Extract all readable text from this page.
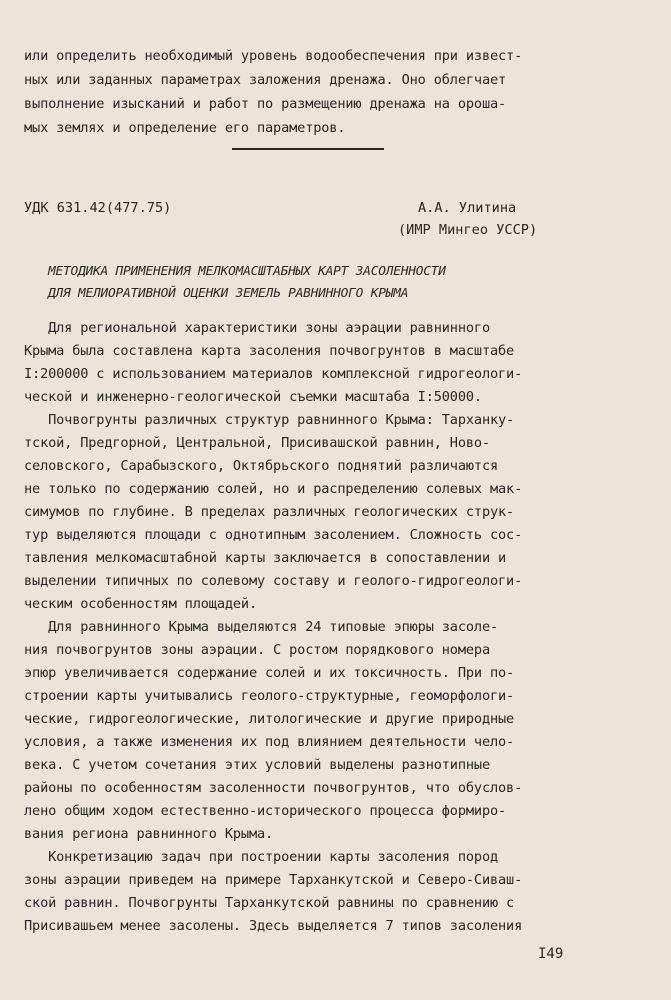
или определить необходимый уровень водообеспечения при извест-
ных или заданных параметрах заложения дренажа. Оно облегчает
выполнение изысканий и работ по размещению дренажа на ороша-
мых землях и определение его параметров.
УДК 631.42(477.75)	А.А. Улитина
(ИМР Мингео УССР)
МЕТОДИКА ПРИМЕНЕНИЯ МЕЛКОМАСШТАБНЫХ КАРТ ЗАСОЛЕННОСТИ
ДЛЯ МЕЛИОРАТИВНОЙ ОЦЕНКИ ЗЕМЕЛЬ РАВНИННОГО КРЫМА
Для региональной характеристики зоны аэрации равнинного
Крыма была составлена карта засоления почвогрунтов в масштабе
I:200000 с использованием материалов комплексной гидрогеологи-
ческой и инженерно-геологической съемки масштаба I:50000.
Почвогрунты различных структур равнинного Крыма: Тарханку-
тской, Предгорной, Центральной, Присивашской равнин, Ново-
селовского, Сарабызского, Октябрьского поднятий различаются
не только по содержанию солей, но и распределению солевых мак-
симумов по глубине. В пределах различных геологических струк-
тур выделяются площади с однотипным засолением. Сложность сос-
тавления мелкомасштабной карты заключается в сопоставлении и
выделении типичных по солевому составу и геолого-гидрогеологи-
ческим особенностям площадей.
Для равнинного Крыма выделяются 24 типовые эпюры засоле-
ния почвогрунтов зоны аэрации. С ростом порядкового номера
эпюр увеличивается содержание солей и их токсичность. При по-
строении карты учитывались геолого-структурные, геоморфологи-
ческие, гидрогеологические, литологические и другие природные
условия, а также изменения их под влиянием деятельности чело-
века. С учетом сочетания этих условий выделены разнотипные
районы по особенностям засоленности почвогрунтов, что обуслов-
лено общим ходом естественно-исторического процесса формиро-
вания региона равнинного Крыма.
Конкретизацию задач при построении карты засоления пород
зоны аэрации приведем на примере Тарханкутской и Северо-Сиваш-
ской равнин. Почвогрунты Тарханкутской равнины по сравнению с
Присивашьем менее засолены. Здесь выделяется 7 типов засоления
I49
